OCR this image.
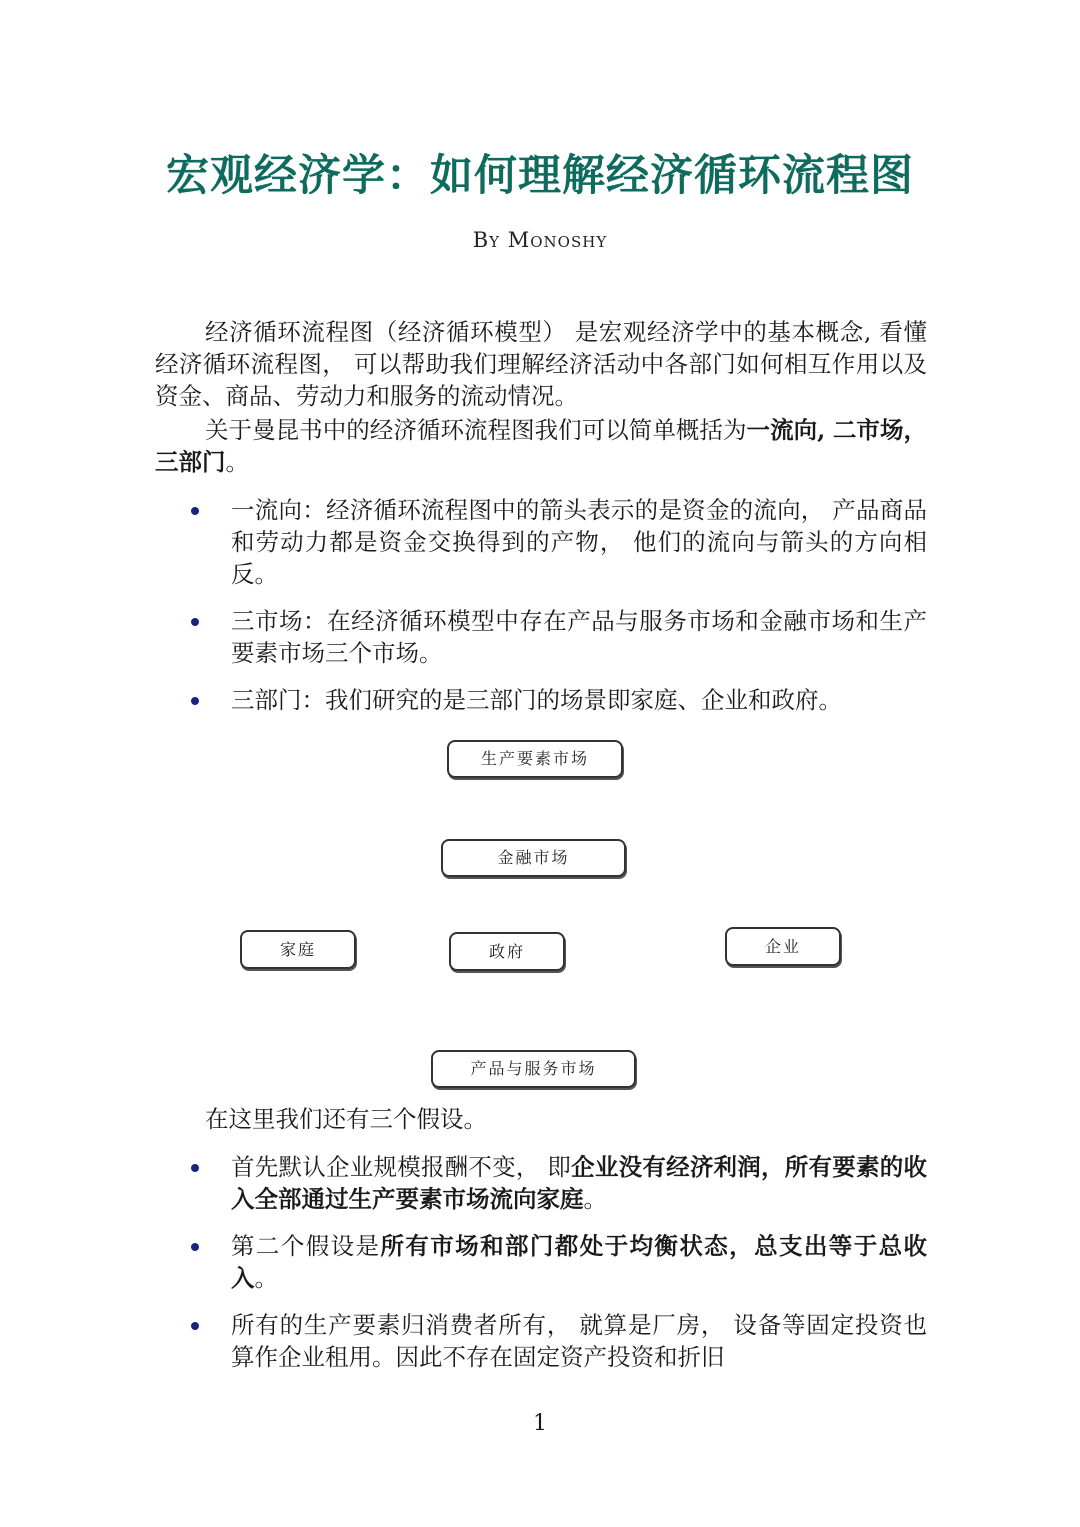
宏观经济学：如何理解经济循环流程图
By Monoshy

经济循环流程图（经济循环模型） 是宏观经济学中的基本概念, 看懂经济循环流程图， 可以帮助我们理解经济活动中各部门如何相互作用以及资金、商品、劳动力和服务的流动情况。

关于曼昆书中的经济循环流程图我们可以简单概括为一流向, 二市场，三部门。

一流向：经济循环流程图中的箭头表示的是资金的流向， 产品商品和劳动力都是资金交换得到的产物， 他们的流向与箭头的方向相反。
三市场：在经济循环模型中存在产品与服务市场和金融市场和生产要素市场三个市场。
三部门：我们研究的是三部门的场景即家庭、企业和政府。
生产要素市场
金融市场
家庭	政府	企业
产品与服务市场

在这里我们还有三个假设。

首先默认企业规模报酬不变， 即企业没有经济利润，所有要素的收入全部通过生产要素市场流向家庭。
第二个假设是所有市场和部门都处于均衡状态，总支出等于总收入。
所有的生产要素归消费者所有， 就算是厂房， 设备等固定投资也算作企业租用。因此不存在固定资产投资和折旧
1
